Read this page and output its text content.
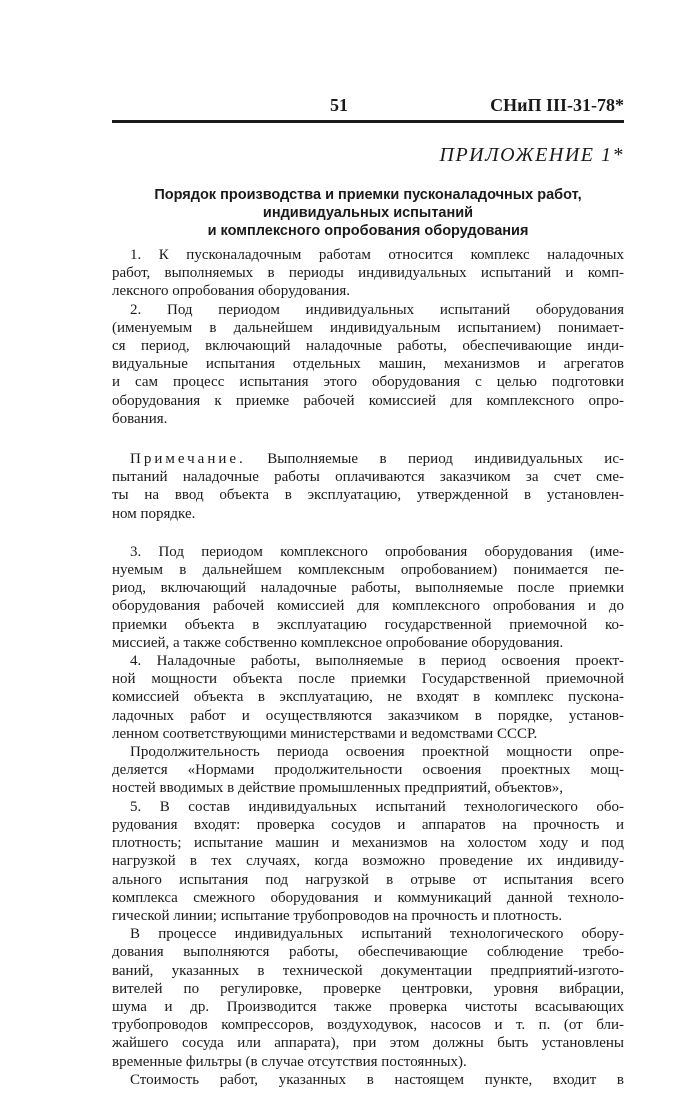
51	СНиП III-31-78*
ПРИЛОЖЕНИЕ 1*
Порядок производства и приемки пусконаладочных работ,
индивидуальных испытаний
и комплексного опробования оборудования

1. К пусконаладочным работам относится комплекс наладочных
работ, выполняемых в периоды индивидуальных испытаний и комп-
лексного опробования оборудования.

2. Под периодом индивидуальных испытаний оборудования
(именуемым в дальнейшем индивидуальным испытанием) понимает-
ся период, включающий наладочные работы, обеспечивающие инди-
видуальные испытания отдельных машин, механизмов и агрегатов
и сам процесс испытания этого оборудования с целью подготовки
оборудования к приемке рабочей комиссией для комплексного опро-
бования.

Примечание. Выполняемые в период индивидуальных ис-
пытаний наладочные работы оплачиваются заказчиком за счет сме-
ты на ввод объекта в эксплуатацию, утвержденной в установлен-
ном порядке.

3. Под периодом комплексного опробования оборудования (име-
нуемым в дальнейшем комплексным опробованием) понимается пе-
риод, включающий наладочные работы, выполняемые после приемки
оборудования рабочей комиссией для комплексного опробования и до
приемки объекта в эксплуатацию государственной приемочной ко-
миссией, а также собственно комплексное опробование оборудования.

4. Наладочные работы, выполняемые в период освоения проект-
ной мощности объекта после приемки Государственной приемочной
комиссией объекта в эксплуатацию, не входят в комплекс пускона-
ладочных работ и осуществляются заказчиком в порядке, установ-
ленном соответствующими министерствами и ведомствами СССР.

Продолжительность периода освоения проектной мощности опре-
деляется «Нормами продолжительности освоения проектных мощ-
ностей вводимых в действие промышленных предприятий, объектов»,

5. В состав индивидуальных испытаний технологического обо-
рудования входят: проверка сосудов и аппаратов на прочность и
плотность; испытание машин и механизмов на холостом ходу и под
нагрузкой в тех случаях, когда возможно проведение их индивиду-
ального испытания под нагрузкой в отрыве от испытания всего
комплекса смежного оборудования и коммуникаций данной техноло-
гической линии; испытание трубопроводов на прочность и плотность.

В процессе индивидуальных испытаний технологического обору-
дования выполняются работы, обеспечивающие соблюдение требо-
ваний, указанных в технической документации предприятий-изгото-
вителей по регулировке, проверке центровки, уровня вибрации,
шума и др. Производится также проверка чистоты всасывающих
трубопроводов компрессоров, воздуходувок, насосов и т. п. (от бли-
жайшего сосуда или аппарата), при этом должны быть установлены
временные фильтры (в случае отсутствия постоянных).

Стоимость работ, указанных в настоящем пункте, входит в
